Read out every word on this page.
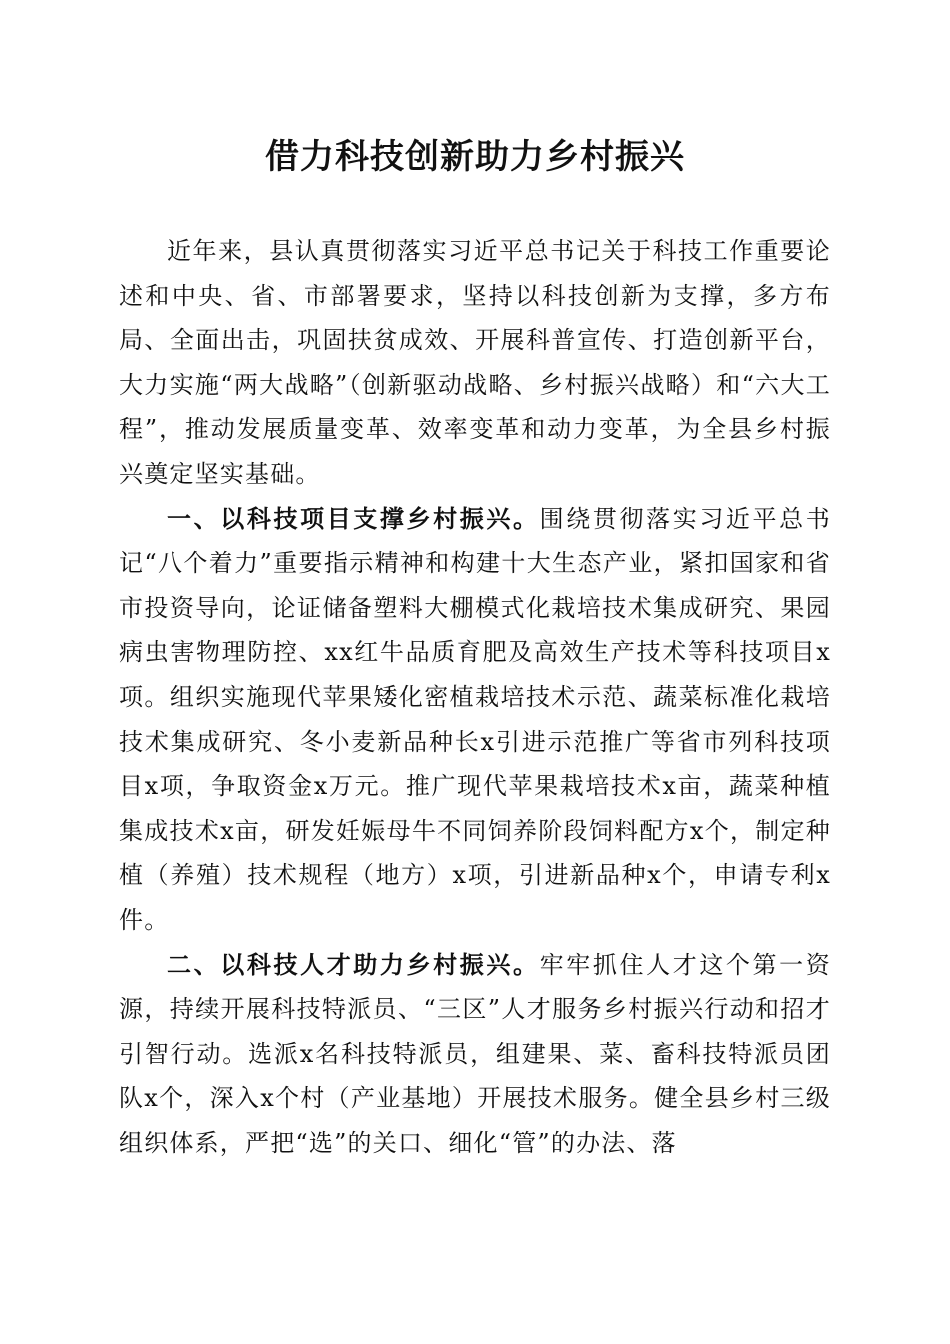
借力科技创新助力乡村振兴

近年来，县认真贯彻落实习近平总书记关于科技工作重要论述和中央、省、市部署要求，坚持以科技创新为支撑，多方布局、全面出击，巩固扶贫成效、开展科普宣传、打造创新平台，大力实施“两大战略”（创新驱动战略、乡村振兴战略）和“六大工程”，推动发展质量变革、效率变革和动力变革，为全县乡村振兴奠定坚实基础。

一、以科技项目支撑乡村振兴。围绕贯彻落实习近平总书记“八个着力”重要指示精神和构建十大生态产业，紧扣国家和省市投资导向，论证储备塑料大棚模式化栽培技术集成研究、果园病虫害物理防控、xx红牛品质育肥及高效生产技术等科技项目x项。组织实施现代苹果矮化密植栽培技术示范、蔬菜标准化栽培技术集成研究、冬小麦新品种长x引进示范推广等省市列科技项目x项，争取资金x万元。推广现代苹果栽培技术x亩，蔬菜种植集成技术x亩，研发妊娠母牛不同饲养阶段饲料配方x个，制定种植（养殖）技术规程（地方）x项，引进新品种x个，申请专利x件。

二、以科技人才助力乡村振兴。牢牢抓住人才这个第一资源，持续开展科技特派员、“三区”人才服务乡村振兴行动和招才引智行动。选派x名科技特派员，组建果、菜、畜科技特派员团队x个，深入x个村（产业基地）开展技术服务。健全县乡村三级组织体系，严把“选”的关口、细化“管”的办法、落
